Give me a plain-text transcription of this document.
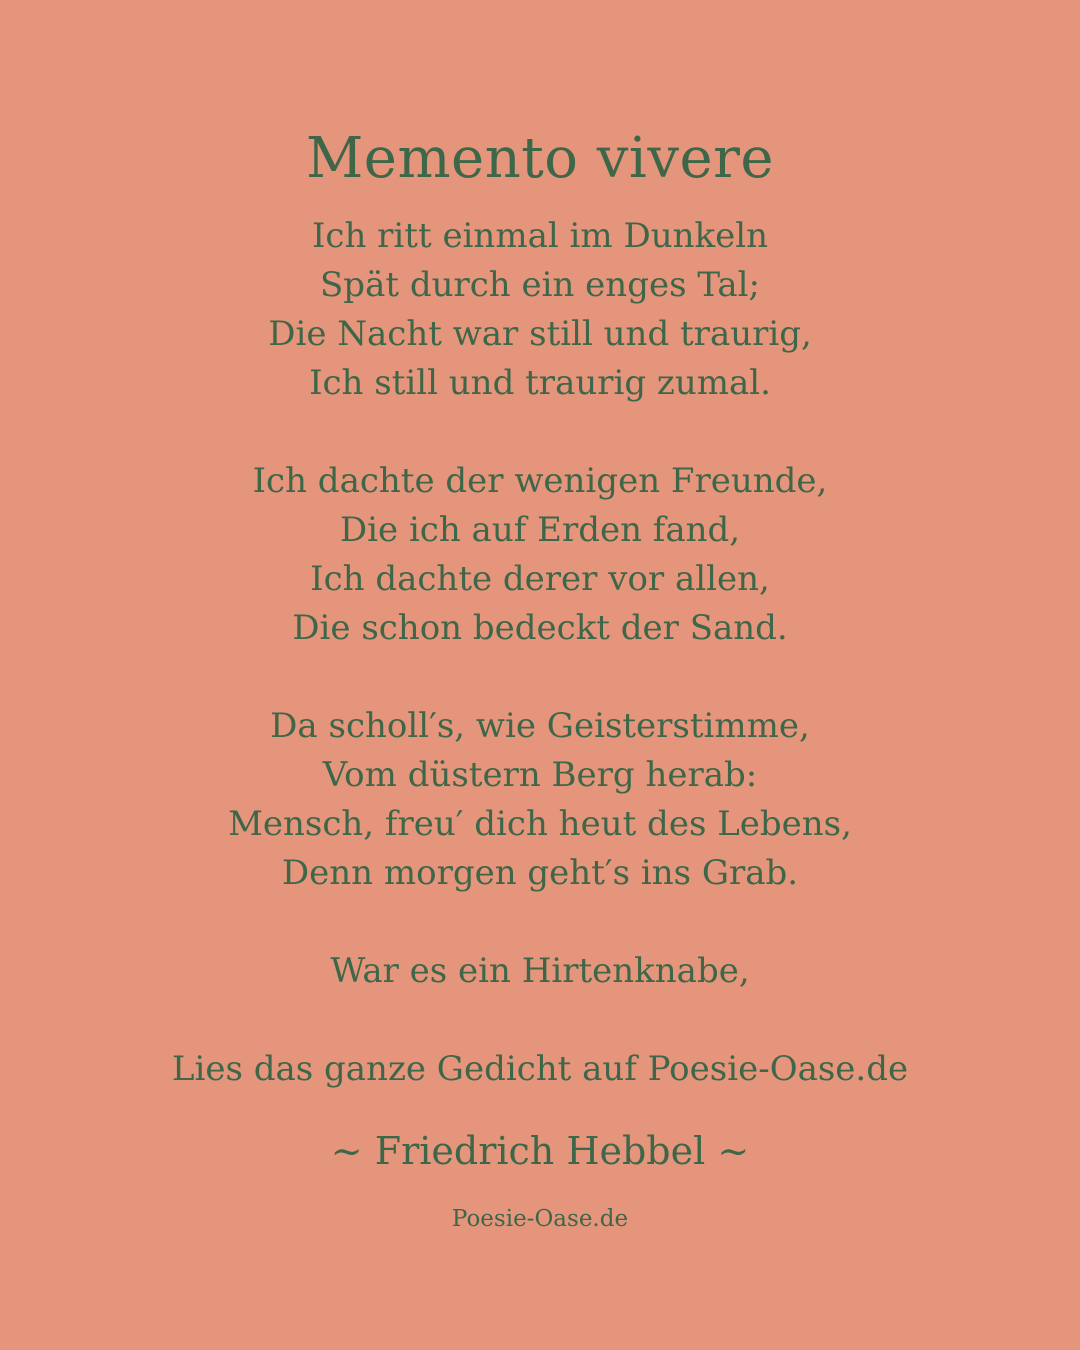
Memento vivere
Ich ritt einmal im Dunkeln
Spät durch ein enges Tal;
Die Nacht war still und traurig,
Ich still und traurig zumal.
Ich dachte der wenigen Freunde,
Die ich auf Erden fand,
Ich dachte derer vor allen,
Die schon bedeckt der Sand.
Da scholl′s, wie Geisterstimme,
Vom düstern Berg herab:
Mensch, freu′ dich heut des Lebens,
Denn morgen geht′s ins Grab.
War es ein Hirtenknabe,
Lies das ganze Gedicht auf Poesie-Oase.de
~ Friedrich Hebbel ~
Poesie-Oase.de
